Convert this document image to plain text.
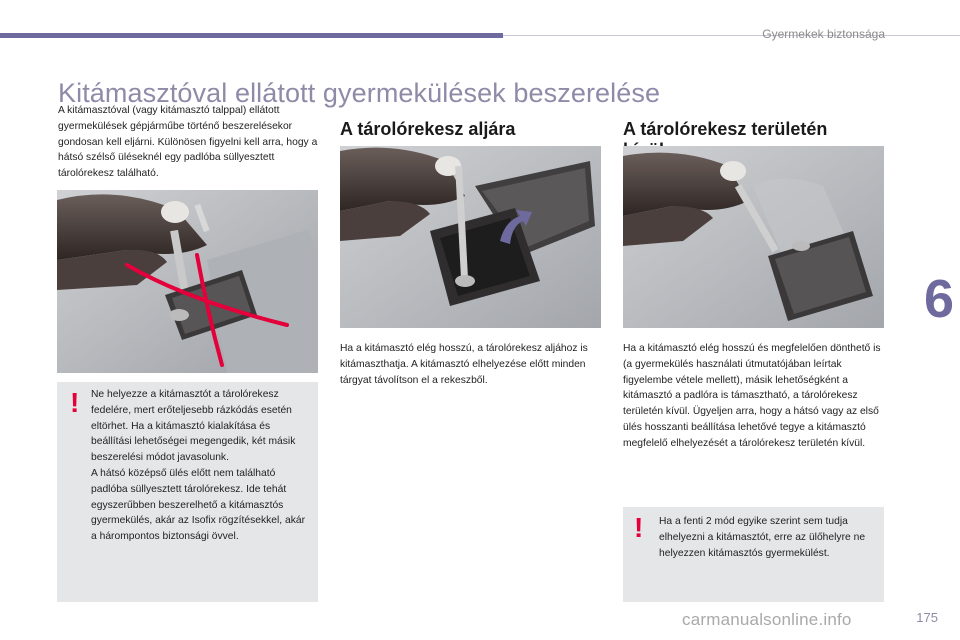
Gyermekek biztonsága
Kitámasztóval ellátott gyermekülések beszerelése
6
A kitámasztóval (vagy kitámasztó talppal) ellátott gyermekülések gépjárműbe történő beszerelésekor gondosan kell eljárni. Különösen figyelni kell arra, hogy a hátsó szélső üléseknél egy padlóba süllyesztett tárolórekesz található.
! Ne helyezze a kitámasztót a tárolórekesz fedelére, mert erőteljesebb rázkódás esetén eltörhet. Ha a kitámasztó kialakítása és beállítási lehetőségei megengedik, két másik beszerelési módot javasolunk.
A hátsó középső ülés előtt nem található padlóba süllyesztett tárolórekesz. Ide tehát egyszerűbben beszerelhető a kitámasztós gyermekülés, akár az Isofix rögzítésekkel, akár a hárompontos biztonsági övvel.
A tárolórekesz aljára
Ha a kitámasztó elég hosszú, a tárolórekesz aljához is kitámaszthatja. A kitámasztó elhelyezése előtt minden tárgyat távolítson el a rekeszből.
A tárolórekesz területén
Ha a kitámasztó elég hosszú és megfelelően dönthető is (a gyermekülés használati útmutatójában leírtak figyelembe vétele mellett), másik lehetőségként a kitámasztó a padlóra is támasztható, a tárolórekesz területén kívül. Ügyeljen arra, hogy a hátsó vagy az első ülés hosszanti beállítása lehetővé tegye a kitámasztó megfelelő elhelyezését a tárolórekesz területén kívül.
! Ha a fenti 2 mód egyike szerint sem tudja elhelyezni a kitámasztót, erre az ülőhelyre ne helyezzen kitámasztós gyermekülést.
carmanualsonline.info	175
